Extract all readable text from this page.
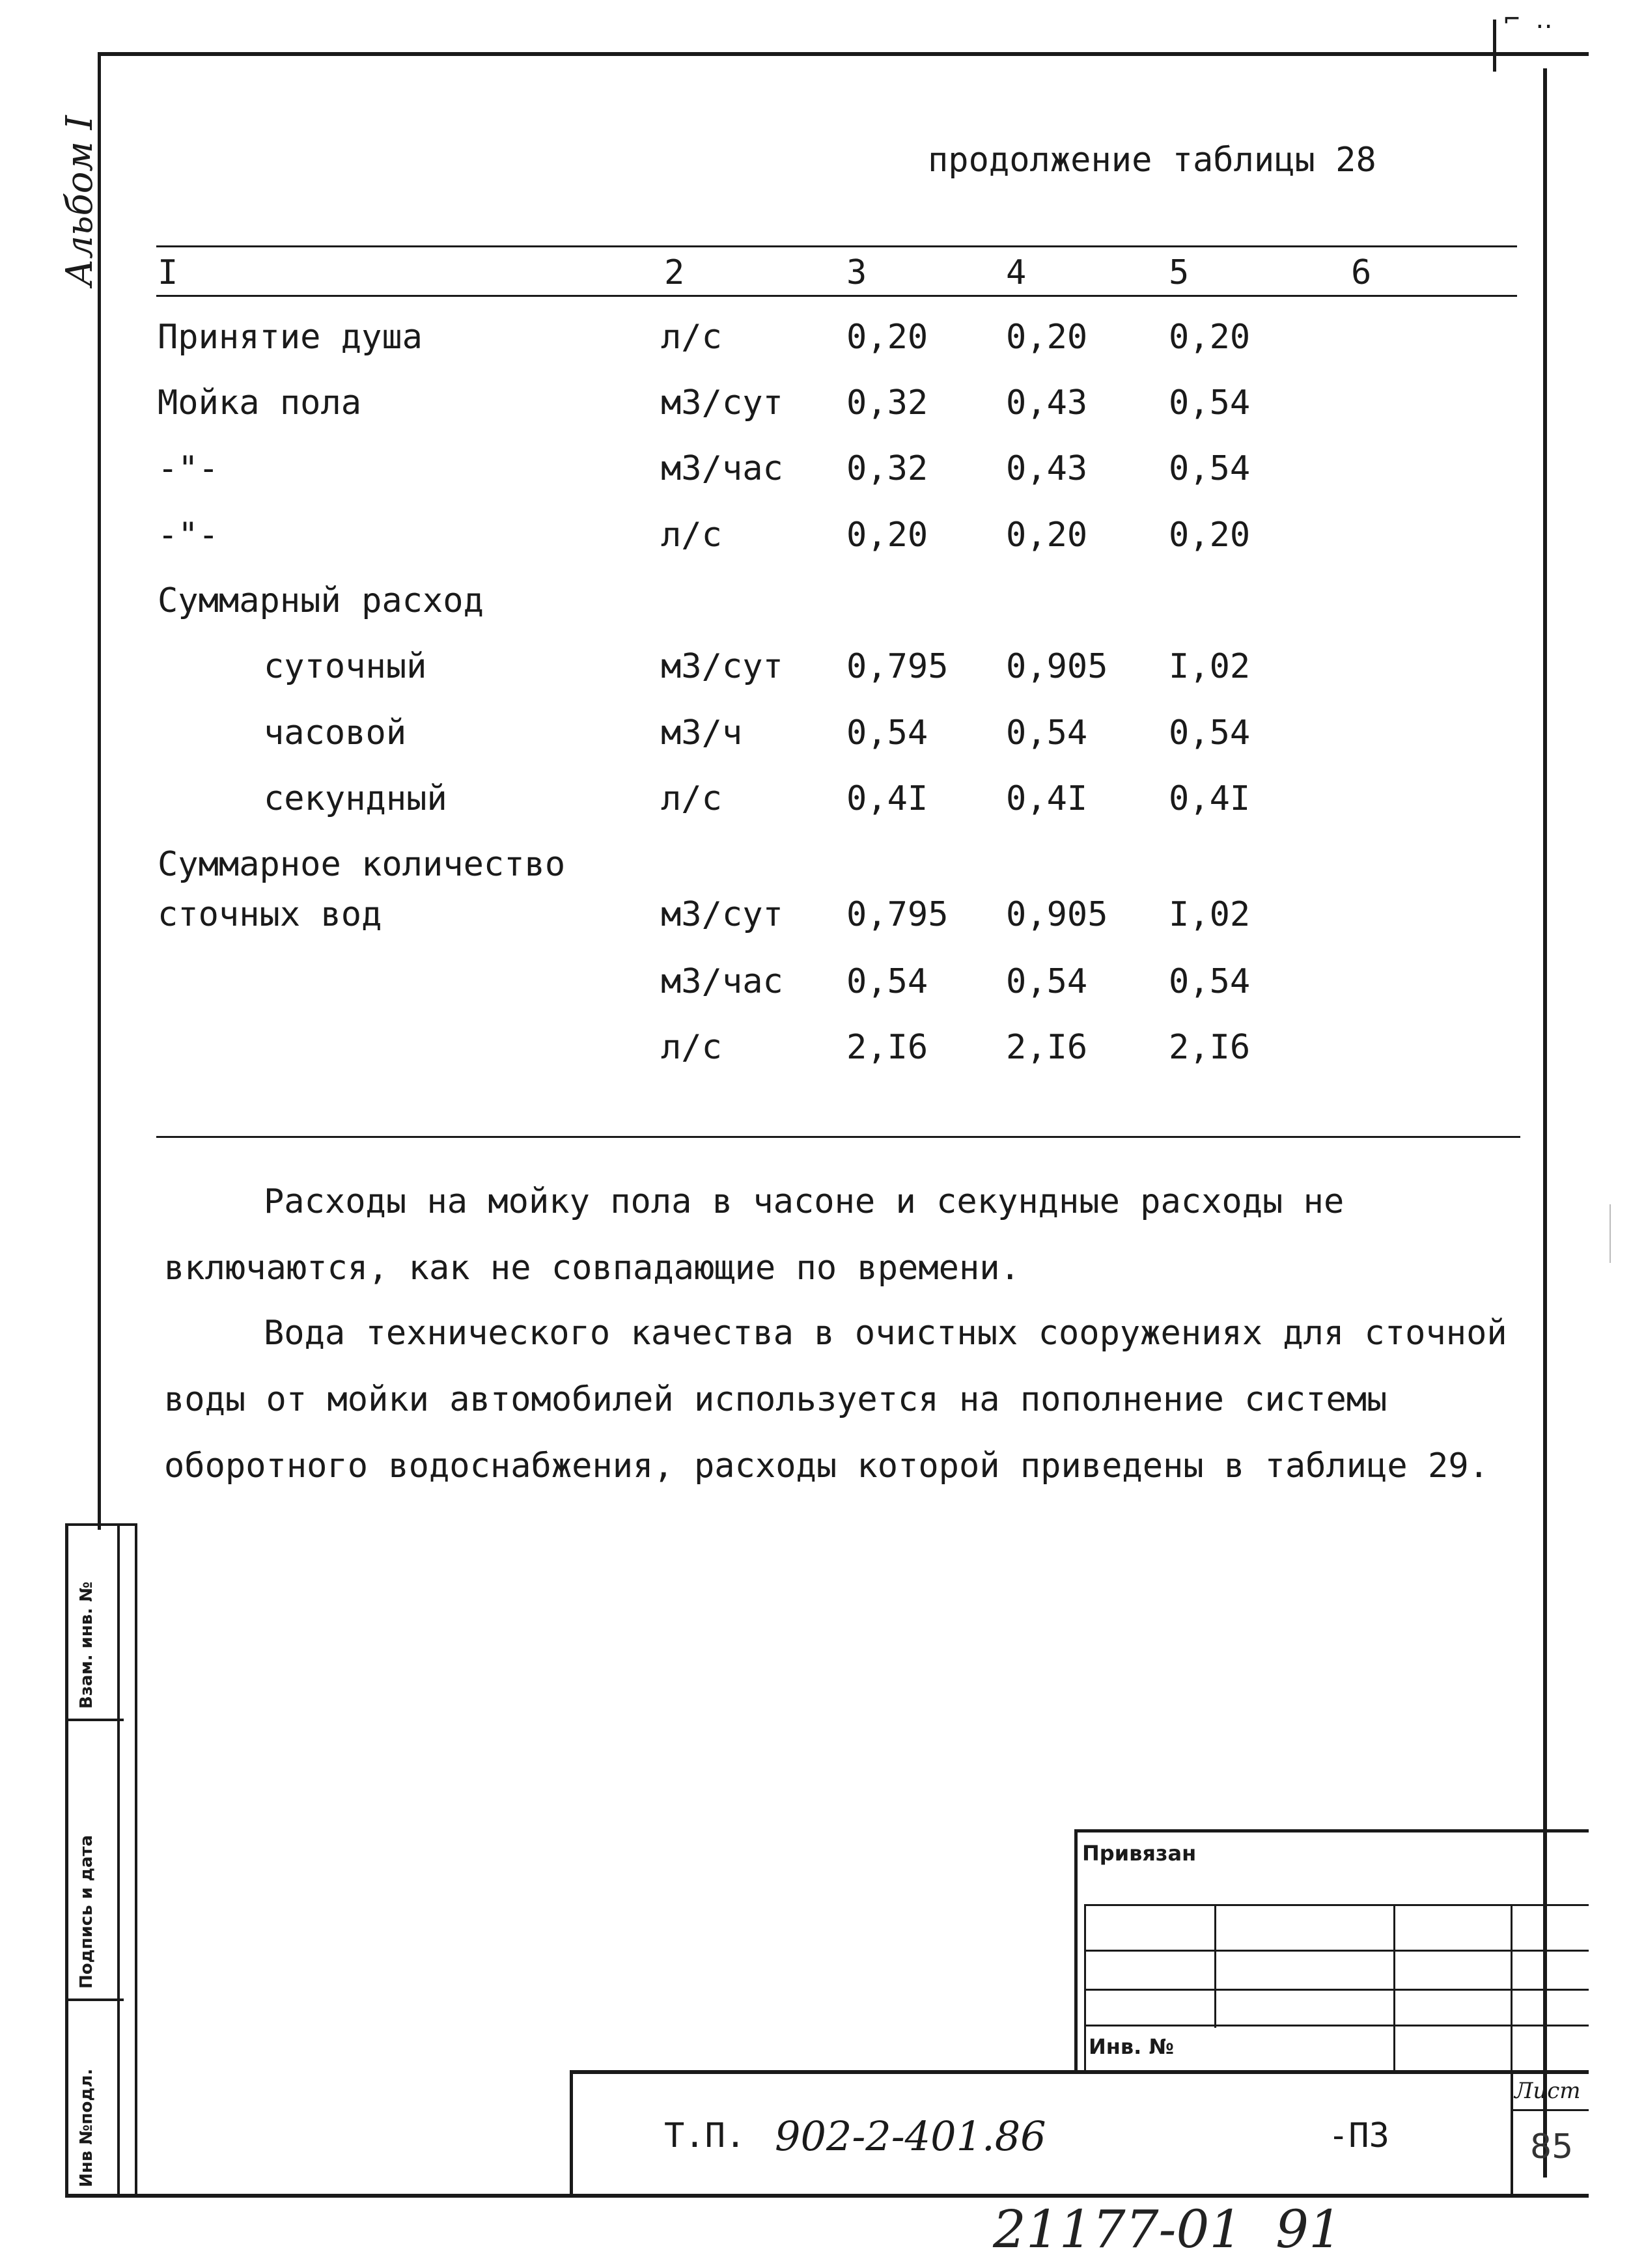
⌐ ‥
Альбом I
Инв №подл.
Подпись и дата
Взам. инв. №
продолжение таблицы 28
I	2	3	4	5	6
Принятие душа	л/с	0,20 0,20 0,20
Мойка пола	м3/сут 0,32 0,43 0,54
-"-	м3/час 0,32 0,43 0,54
-"-	л/с	0,20 0,20 0,20
Суммарный расход
суточный	м3/сут 0,795 0,905 I,02
часовой	м3/ч	0,54 0,54 0,54
секундный	л/с	0,4I 0,4I 0,4I
Суммарное количество
сточных вод	м3/сут 0,795 0,905 I,02
м3/час 0,54 0,54 0,54
л/с	2,I6 2,I6 2,I6
Расходы на мойку пола в часоне и секундные расходы не
включаются, как не совпадающие по времени.
Вода технического качества в очистных сооружениях для сточной
воды от мойки автомобилей используется на пополнение системы
оборотного водоснабжения, расходы которой приведены в таблице 29.
Привязан
Инв. №
Лист
85
Т.П. 902-2-401.86	-ПЗ
21177-01  91
